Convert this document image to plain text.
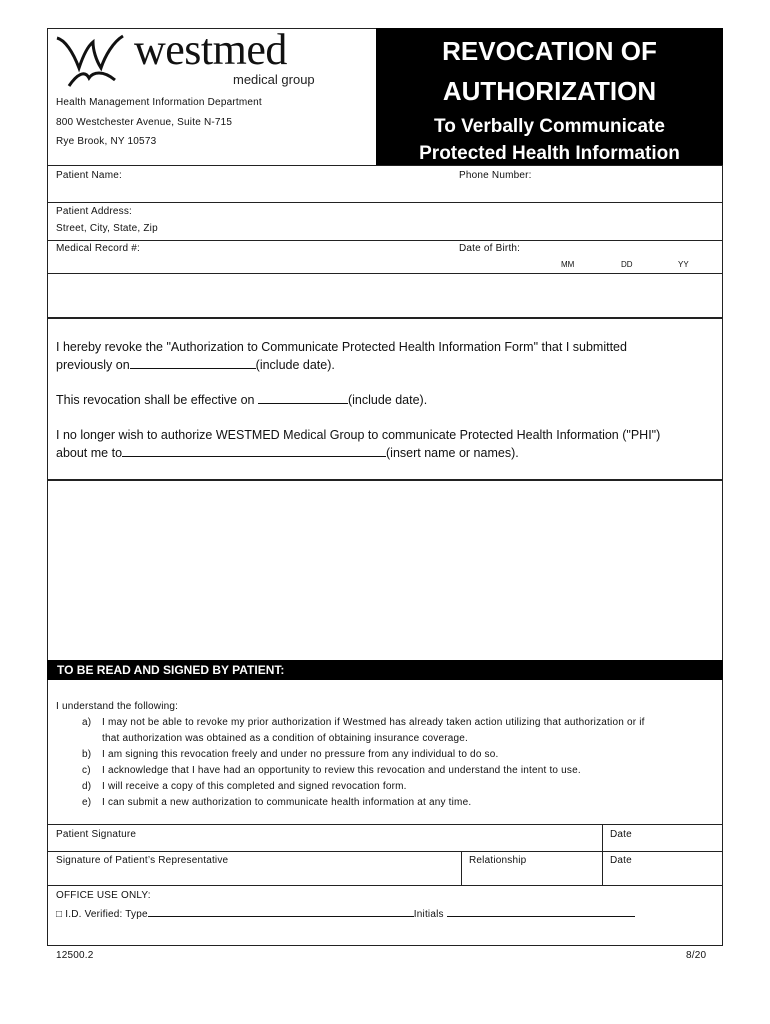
westmed
medical group
Health Management Information Department
800 Westchester Avenue, Suite N-715
Rye Brook, NY 10573
REVOCATION OF
AUTHORIZATION
To Verbally Communicate
Protected Health Information
Patient Name:	Phone Number:
Patient Address:
Street, City, State, Zip
Medical Record #:	Date of Birth:
MM	DD	YY
I hereby revoke the "Authorization to Communicate Protected Health Information Form" that I submitted
previously on	(include date).
This revocation shall be effective on	(include date).
I no longer wish to authorize WESTMED Medical Group to communicate Protected Health Information ("PHI")
about me to	(insert name or names).
TO BE READ AND SIGNED BY PATIENT:
I understand the following:
a) I may not be able to revoke my prior authorization if Westmed has already taken action utilizing that authorization or if
that authorization was obtained as a condition of obtaining insurance coverage.
b) I am signing this revocation freely and under no pressure from any individual to do so.
c) I acknowledge that I have had an opportunity to review this revocation and understand the intent to use.
d) I will receive a copy of this completed and signed revocation form.
e) I can submit a new authorization to communicate health information at any time.
Patient Signature	Date
Signature of Patient’s Representative	Relationship	Date
OFFICE USE ONLY:
□ I.D. Verified: Type	Initials
12500.2	8/20
